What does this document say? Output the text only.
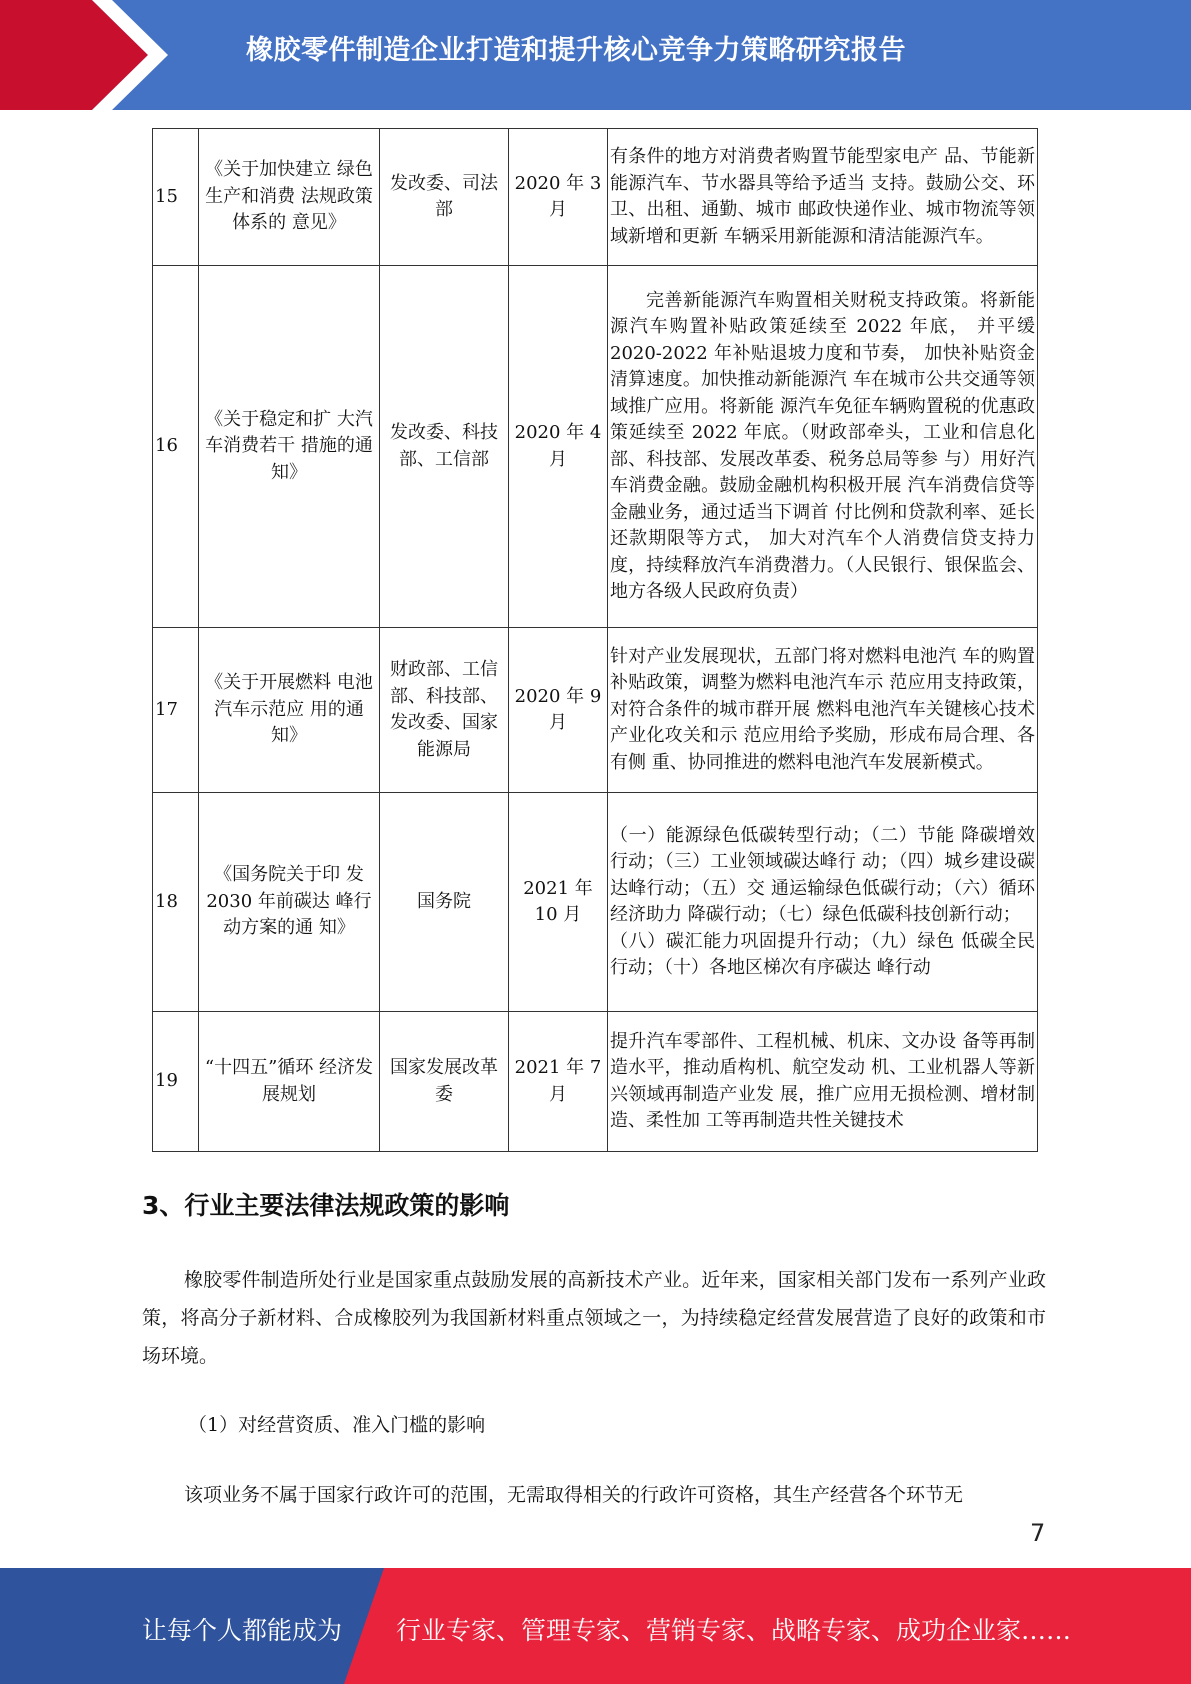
橡胶零件制造企业打造和提升核心竞争力策略研究报告
15	《关于加快建立 绿色生产和消费 法规政策体系的 意见》	发改委、司法部	2020 年 3 月	有条件的地方对消费者购置节能型家电产 品、节能新能源汽车、节水器具等给予适当 支持。鼓励公交、环卫、出租、通勤、城市 邮政快递作业、城市物流等领域新增和更新 车辆采用新能源和清洁能源汽车。
16	《关于稳定和扩 大汽车消费若干 措施的通知》	发改委、科技部、工信部	2020 年 4 月	完善新能源汽车购置相关财税支持政策。将新能源汽车购置补贴政策延续至 2022 年底， 并平缓 2020-2022 年补贴退坡力度和节奏， 加快补贴资金清算速度。加快推动新能源汽 车在城市公共交通等领域推广应用。将新能 源汽车免征车辆购置税的优惠政策延续至 2022 年底。（财政部牵头，工业和信息化部、科技部、发展改革委、税务总局等参 与）用好汽车消费金融。鼓励金融机构积极开展 汽车消费信贷等金融业务，通过适当下调首 付比例和贷款利率、延长还款期限等方式， 加大对汽车个人消费信贷支持力度，持续释放汽车消费潜力。（人民银行、银保监会、 地方各级人民政府负责）
17	《关于开展燃料 电池汽车示范应 用的通知》	财政部、工信部、科技部、发改委、国家能源局	2020 年 9 月	针对产业发展现状，五部门将对燃料电池汽 车的购置补贴政策，调整为燃料电池汽车示 范应用支持政策，对符合条件的城市群开展 燃料电池汽车关键核心技术产业化攻关和示 范应用给予奖励，形成布局合理、各有侧 重、协同推进的燃料电池汽车发展新模式。
18	《国务院关于印 发 2030 年前碳达 峰行动方案的通 知》	国务院	2021 年 10 月	（一）能源绿色低碳转型行动；（二）节能 降碳增效行动；（三）工业领域碳达峰行 动；（四）城乡建设碳达峰行动；（五）交 通运输绿色低碳行动；（六）循环经济助力 降碳行动；（七）绿色低碳科技创新行动；
（八）碳汇能力巩固提升行动；（九）绿色 低碳全民行动；（十）各地区梯次有序碳达 峰行动

19	“十四五”循环 经济发展规划	国家发展改革委	2021 年 7 月	提升汽车零部件、工程机械、机床、文办设 备等再制造水平，推动盾构机、航空发动 机、工业机器人等新兴领域再制造产业发 展，推广应用无损检测、增材制造、柔性加 工等再制造共性关键技术
3、行业主要法律法规政策的影响
橡胶零件制造所处行业是国家重点鼓励发展的高新技术产业。近年来，国家相关部门发布一系列产业政策，将高分子新材料、合成橡胶列为我国新材料重点领域之一，为持续稳定经营发展营造了良好的政策和市场环境。
（1）对经营资质、准入门槛的影响
该项业务不属于国家行政许可的范围，无需取得相关的行政许可资格，其生产经营各个环节无
7
让每个人都能成为 行业专家、管理专家、营销专家、战略专家、成功企业家……
